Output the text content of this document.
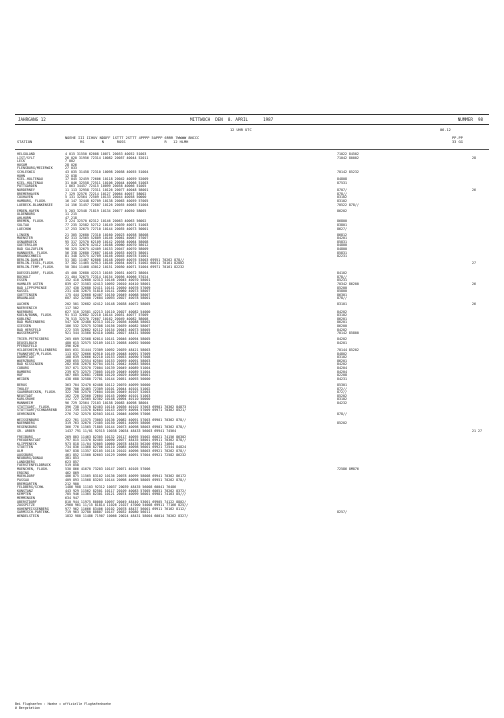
JAHRGANG 12	MITTWOCH  DEN  8. APRIL      1987	NUMMER  98
12 UHR UTC	06-12
STATION
NOEHE III IIHUV NDDFF 1STTT 2STTT 4PPPP 5APPP 6RRR 7WWWW 8NCCC
RS        N      ROSS                  R   12 HLMH
PP-PP
33 GG
HELGOLAND	4 015 31550 62008 10071 20053 40052 51003	71022 84502
LIST/SYLT	26 020 31956 72314 10082 20057 40044 52011	71042 80002	28
LECK	7 002
HUSUM	28 026
FLENSBURG/MEIERWIK	27 033
SCHLESWIG	43 035 31458 72310 10098 20058 40055 51004	70142 85232
HOHN	12 038
KIEL-HOLTENAU	17 045 32459 72606 10118 20042 40059 52009	84808
KIEL-HOLTENAU	31 046 32558 72511 10106 20044 40066 51003	87531
PUTTGARDEN	1 063 34457 72415 10099 20058 40066 51005
NORDERNEY	11 113 32958 72311 10126 20077 40048 58001	8707/	26
BREMERHAVEN	7 129 32576 72214 10127 20064 40057 58002	878//
CUXHAVEN	5 131 32564 72509 10133 20044 40058 50000	83102
HAMBURG, FLUGH.	16 147 32448 62709 10138 20063 40059 57005	83102
LUEBECK-BLANKENSEE	14 156 31457 72807 10126 20055 40063 51004	70522 878//
EMDEN-HAFEN	5 203 32548 71819 10134 20077 40050 58005	86202
OLDENBURG	11 215
AHLHORN	47 218
BREMEN, FLUGH.	3 224 32570 62312 10146 20063 40063 56002	86800
SOLTAU	77 235 32582 52712 10149 20039 40071 51003	83801
LUECHOW	17 253 32675 72710 10144 20055 40073 50001	8627/
LINGEN	21 305 32680 72310 10160 20023 40058 58008	86812
MUENSTER	62 313 32565 52809 10146 20061 40067 57007	84201
OSNABRUECK	95 317 32570 62109 10142 20058 40064 58008	85831
GUETERSLOH	72 323 32676 42412 10168 20060 40070 58012	84800
BAD SALZUFLEN	98 325 32675 42409 10153 20047 40070 58009	84800
HANNOVER, FLUGH.	56 338 32680 72607 10148 20053 40075 58001	85831
BRAUNSCHWEIG	81 348 32575 42709 10146 20045 40078 51001	82231
BERLIN-DAHLEM	51 381 11467 62808 10148 20049 40076 53003 69951 70262 878//
BERLIN-TEGEL,FLUGH.	37 382 11465 42913 10146 20054 40071 51002 60011 70161 82802	27
BERLIN-TEMP.,FLUGH.	50 384 11468 43012 10151 20050 40071 51004 69971 70161 82232
DUESSELDORF, FLUGH.	45 400 32680 42213 10165 20051 40072 58004	84102
BOCHOLT	21 404 32675 72314 10154 20056 40066 57024	878//
ESSEN	152 410 32680 42313 10146 20045 40070 58001	85231
HAHNLER ASTEN	839 427 31583 42413 10092 20010 40410 58001	70342 86200	26
BAD LIPPSPRINGE	157 430 32680 52411 10141 20050 40076 57009	85200
KASSEL	231 438 32675 51810 10141 20060 40073 58007	85800
GOETTINGEN	175 444 32668 62407 10150 20049 40068 58007	86301
BRAUNLAGE	607 452 32580 72604 10093 20027 40078 58001	878//
AACHEN	202 501 32682 42412 10148 20038 40072 58005	83101	26
NOERVENICH	117 502
NUERBURG	627 510 32581 42213 10110 20027 40082 54000	84202
KOELN/BONN, FLUGH.	91 513 32682 32210 10144 20051 40077 57009	83102
KOBLENZ	70 515 32570 72607 10162 20049 40082 58008	86201
BAD MARIENBERG	547 526 32480 62313 10122 20036 40088 58002	86201
GIESSEN	186 532 32575 52308 10156 20039 40082 58007	86200
BAD HERSFELD	272 535 32682 62112 10154 20043 40073 58005	84202
WASSERKUPPE	921 544 31560 62410 10081 20027 48431 58000	70142 85800
TRIER-PETRISBERG	265 609 32568 62014 10141 20046 40094 58005	84202
DEUSELBACH	480 615 32575 52109 10113 20058 40092 50000	84201
PFERDSFELD	396 626
HILDESHEIM/ELLENBERG	805 631 31444 72309 10092 20039 48421 58003	70144 85202
FRANKFURT/M,FLUGH.	113 637 32666 62910 10149 20048 40091 57009	84802
DARMSTADT	108 639 32666 62210 10153 20053 40090 57008	83102
WUERZBURG	268 655 32554 62504 10153 20059 40091 58003	86201
BAD KISSINGEN	282 658 32678 62704 10151 20042 40083 58004	84202
COBURG	357 671 32570 72004 10139 20049 40089 51004	84204
BAMBERG	239 675 32575 73005 10149 20049 40089 51004	84204
HOF	567 685 32681 72808 10120 20029 40089 58001	82208
WEIDEN	438 688 32580 72701 10144 20051 40093 50000	84231
BERUS	363 704 32470 62408 10112 20070 40099 50000	85301
THOLEY	396 706 32465 72309 10101 20044 40101 51002	872//
SAARBRUECKEN, FLUGH.	322 708 32570 72604 10104 20049 40107 52003	872//
NEUSTADT	162 720 32560 72604 10145 20060 40101 51003	85202
KARLSRUHE	112 727 32565 82302 10148 20094 40110 50000	83102
MANNHEIM	96 729 32564 72103 10158 20083 40098 58004	84232
STUTTGART, FLUGH.	396 738 11570 82403 10116 20036 40102 57003 69901 70362 84873
STUTTGART/SCHNARRENB	314 739 11570 82603 10143 20079 40094 57009 69971 70362 8521/
OEHRINGEN	276 742 32570 82503 10141 20046 40096 57006	878//
WEISSENBURG	422 761 11575 73003 10136 20082 40091 57003 69901 70362 878//
NUERNBERG	319 763 32670 72405 10150 20051 40095 58006	85202
REGENSBURG	366 776 11565 71805 10144 20073 40098 58003 69901 70362 878//
GR. ARBER	1437 791 11/01 92515 10038 20034 48433 56003 69941 74564	21 27
FREIBURG	269 803 11463 82305 10132 20117 40095 55002 60021 74156 86302
FREUDENSTADT	797 815 11370 82405 10090 20077 48435 58001 69911 70362 878//
KLIPPENECK	973 818 11/04 92005 10060 20078 48435 56200 69941 74664
STOETTEN	734 836 11468 82706 10110 20085 40098 56001 69921 72544 84824
ULM	567 838 11357 82105 10118 20102 40096 58003 69921 70262 878//
AUGSBURG	461 852 11560 82603 10129 20096 40091 57004 69921 72582 86232
NEUBURG/DONAU	381 853
LANDSBERG	623 857
FUERSTENFELDBRUCK	519 858
MUENCHEN, FLUGH.	530 866 41670 73203 10147 20071 40105 57006	72586 8M876
ERDING	462 869
MUEHLDORF	406 875 11565 83102 10136 20078 40099 58008 69941 70362 86172
PASSAU	409 893 11568 83203 10144 20098 40098 58005 69951 70262 878//
BREMGARTEN	212 900
FELDBERG/SCHW.	1486 908 11103 92312 10037 20039 48435 56008 60041 76486
KONSTANZ	443 929 11562 82501 10117 20109 40083 57005 60051 70262 8372/
KEMPTEN	705 946 11365 82301 10121 20074 40099 56001 69981 74163 85///
MEMMINGEN	634 947
OBERSTDORF	810 944 11975 80000 10097 20049 48440 53001 69905 74122 8802/
ZUGSPITZE	2960 961 11/15 81814 11026 21027 47000 54008 69911 77166 825//
HOHENPEISSENBERG	977 962 11666 83406 10102 20078 48437 56001 69911 76162 8112/
GARMISCH-PARTENK.	719 963 32780 80807 10147 20032 40080 56011	8257/
WENDELSTEIN	1832 980 11486 71907 10066 20024 48431 58004 60014 70262 8327/
Bei Flughaefen : Hoehe = offizielle Flughafenhoehe
# Bergstation
